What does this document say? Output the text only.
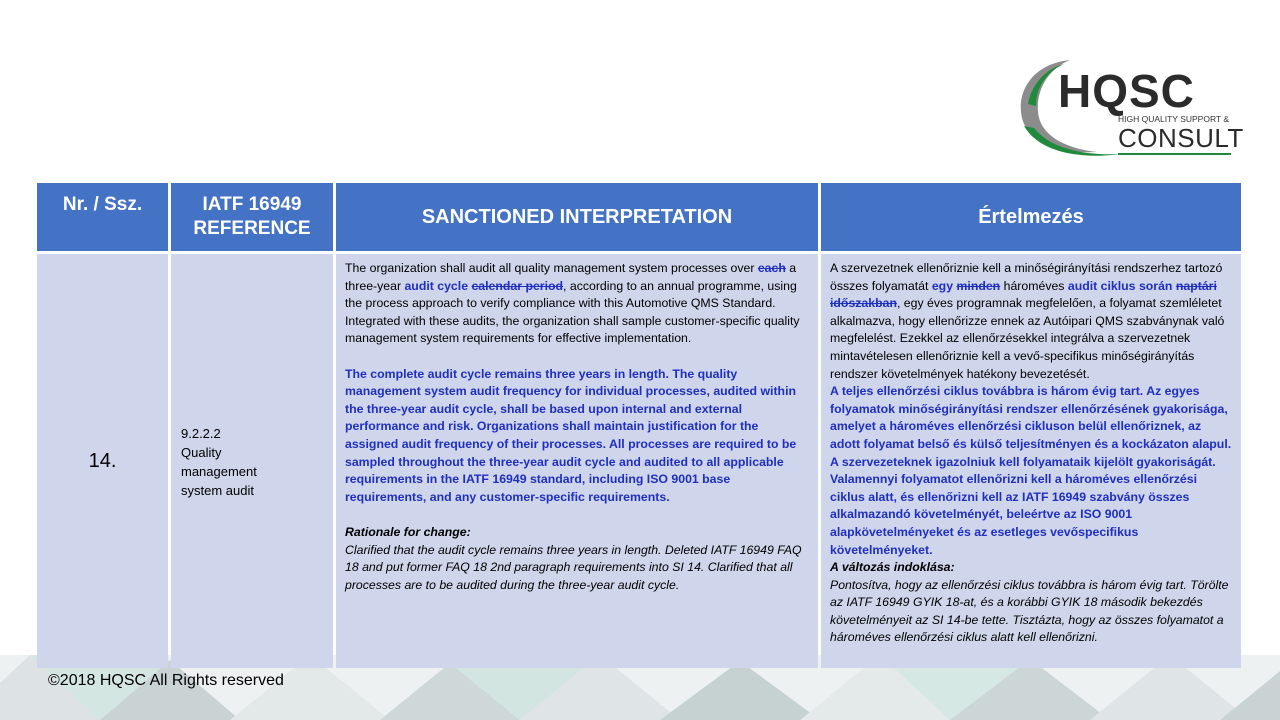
HQSC
HIGH QUALITY SUPPORT &
CONSULT
Nr. / Ssz.	IATF 16949
REFERENCE
SANCTIONED INTERPRETATION	Értelmezés
14.
9.2.2.2
Quality
management
system audit

The organization shall audit all quality management system processes over each a three-year audit cycle calendar period, according to an annual programme, using the process approach to verify compliance with this Automotive QMS Standard. Integrated with these audits, the organization shall sample customer-specific quality management system requirements for effective implementation.

The complete audit cycle remains three years in length. The quality management system audit frequency for individual processes, audited within the three-year audit cycle, shall be based upon internal and external performance and risk. Organizations shall maintain justification for the assigned audit frequency of their processes. All processes are required to be sampled throughout the three-year audit cycle and audited to all applicable requirements in the IATF 16949 standard, including ISO 9001 base requirements, and any customer-specific requirements.

Rationale for change:

Clarified that the audit cycle remains three years in length. Deleted IATF 16949 FAQ 18 and put former FAQ 18 2nd paragraph requirements into SI 14. Clarified that all processes are to be audited during the three-year audit cycle.

A szervezetnek ellenőriznie kell a minőségirányítási rendszerhez tartozó összes folyamatát egy minden hároméves audit ciklus során naptári időszakban, egy éves programnak megfelelően, a folyamat szemléletet alkalmazva, hogy ellenőrizze ennek az Autóipari QMS szabványnak való megfelelést. Ezekkel az ellenőrzésekkel integrálva a szervezetnek mintavételesen ellenőriznie kell a vevő-specifikus minőségirányítás rendszer követelmények hatékony bevezetését.

A teljes ellenőrzési ciklus továbbra is három évig tart. Az egyes folyamatok minőségirányítási rendszer ellenőrzésének gyakorisága, amelyet a hároméves ellenőrzési cikluson belül ellenőriznek, az adott folyamat belső és külső teljesítményen és a kockázaton alapul. A szervezeteknek igazolniuk kell folyamataik kijelölt gyakoriságát. Valamennyi folyamatot ellenőrizni kell a hároméves ellenőrzési ciklus alatt, és ellenőrizni kell az IATF 16949 szabvány összes alkalmazandó követelményét, beleértve az ISO 9001 alapkövetelményeket és az esetleges vevőspecifikus követelményeket.

A változás indoklása:

Pontosítva, hogy az ellenőrzési ciklus továbbra is három évig tart. Törölte az IATF 16949 GYIK 18-at, és a korábbi GYIK 18 második bekezdés követelményeit az SI 14-be tette. Tisztázta, hogy az összes folyamatot a hároméves ellenőrzési ciklus alatt kell ellenőrizni.

©2018 HQSC All Rights reserved
